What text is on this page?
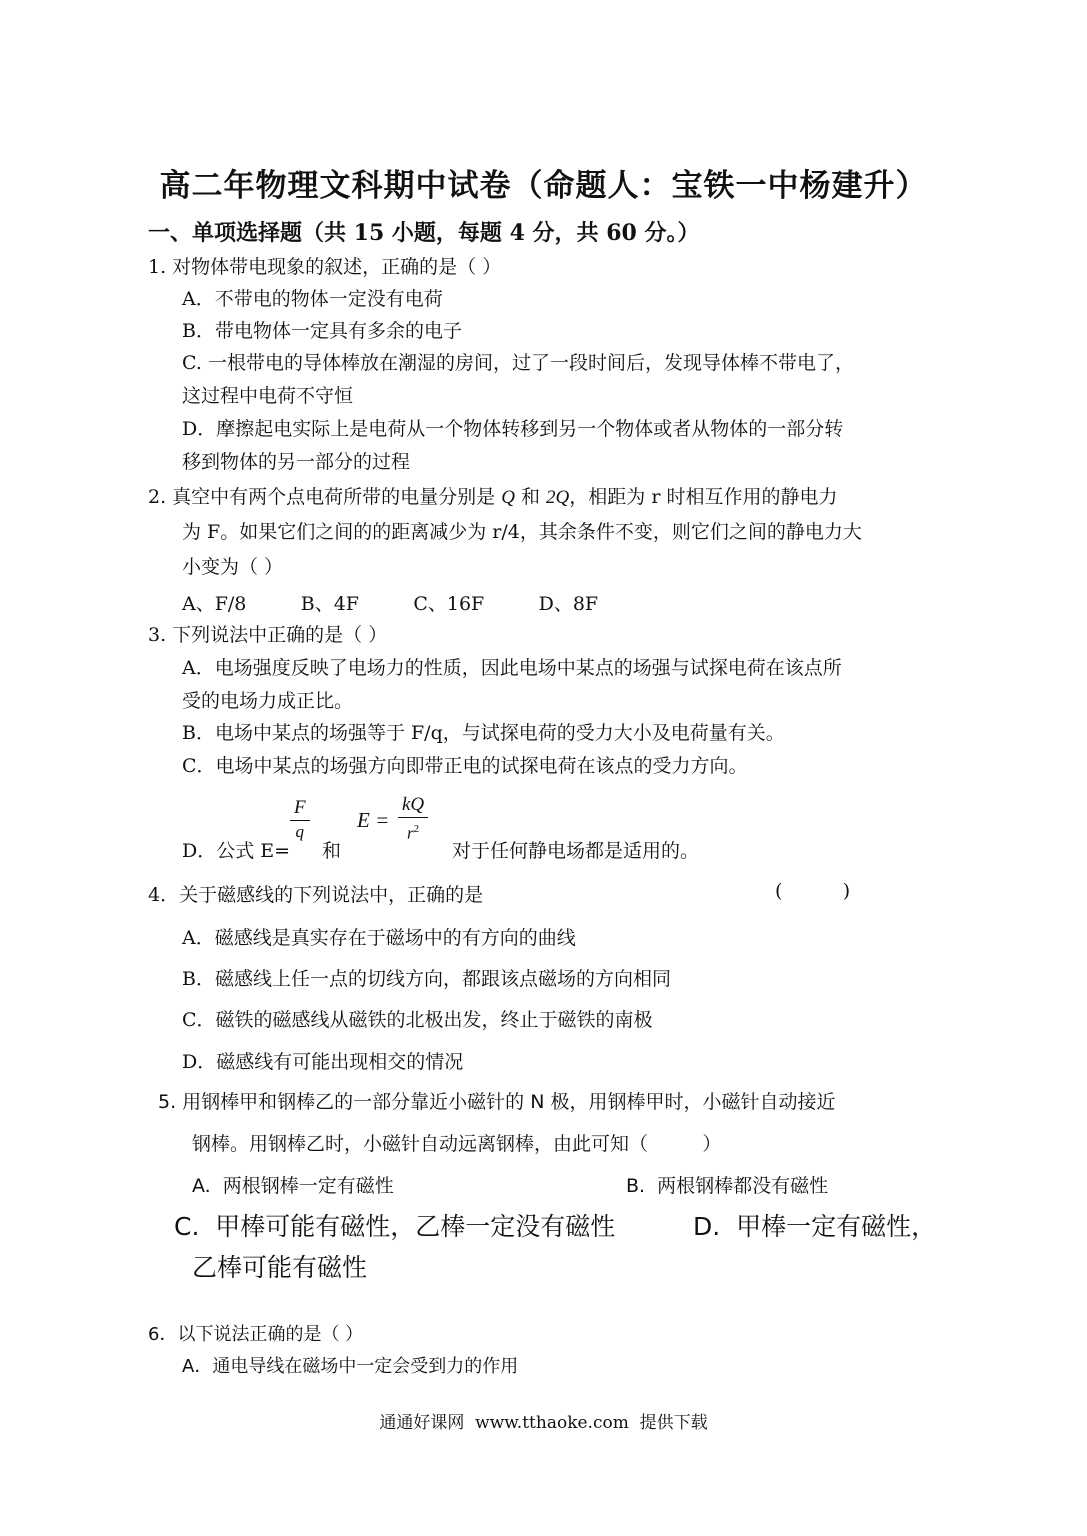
高二年物理文科期中试卷（命题人：宝铁一中杨建升）
一、单项选择题（共 15 小题，每题 4 分，共 60 分。）
1. 对物体带电现象的叙述，正确的是（ ）
A．不带电的物体一定没有电荷
B．带电物体一定具有多余的电子
C. 一根带电的导体棒放在潮湿的房间，过了一段时间后，发现导体棒不带电了，
这过程中电荷不守恒
D．摩擦起电实际上是电荷从一个物体转移到另一个物体或者从物体的一部分转
移到物体的另一部分的过程
2. 真空中有两个点电荷所带的电量分别是 Q 和 2Q，相距为 r 时相互作用的静电力
为 F。如果它们之间的的距离减少为 r/4，其余条件不变，则它们之间的静电力大
小变为（ ）
A、F/8         B、4F         C、16F         D、8F
3. 下列说法中正确的是（ ）
A．电场强度反映了电场力的性质，因此电场中某点的场强与试探电荷在该点所
受的电场力成正比。
B．电场中某点的场强等于 F/q，与试探电荷的受力大小及电荷量有关。
C．电场中某点的场强方向即带正电的试探电荷在该点的受力方向。
D．公式 E=
$\frac{F}{q}$
和
$E = \frac{kQ}{r^2}$
对于任何静电场都是适用的。
4．关于磁感线的下列说法中，正确的是	(          )
A．磁感线是真实存在于磁场中的有方向的曲线
B．磁感线上任一点的切线方向，都跟该点磁场的方向相同
C．磁铁的磁感线从磁铁的北极出发，终止于磁铁的南极
D．磁感线有可能出现相交的情况
5. 用钢棒甲和钢棒乙的一部分靠近小磁针的 N 极，用钢棒甲时，小磁针自动接近
钢棒。用钢棒乙时，小磁针自动远离钢棒，由此可知（         ）
A.  两根钢棒一定有磁性	B.  两根钢棒都没有磁性
C.  甲棒可能有磁性，乙棒一定没有磁性	D.  甲棒一定有磁性，
乙棒可能有磁性
6．以下说法正确的是（ ）
A．通电导线在磁场中一定会受到力的作用
通通好课网  www.tthaoke.com  提供下载
